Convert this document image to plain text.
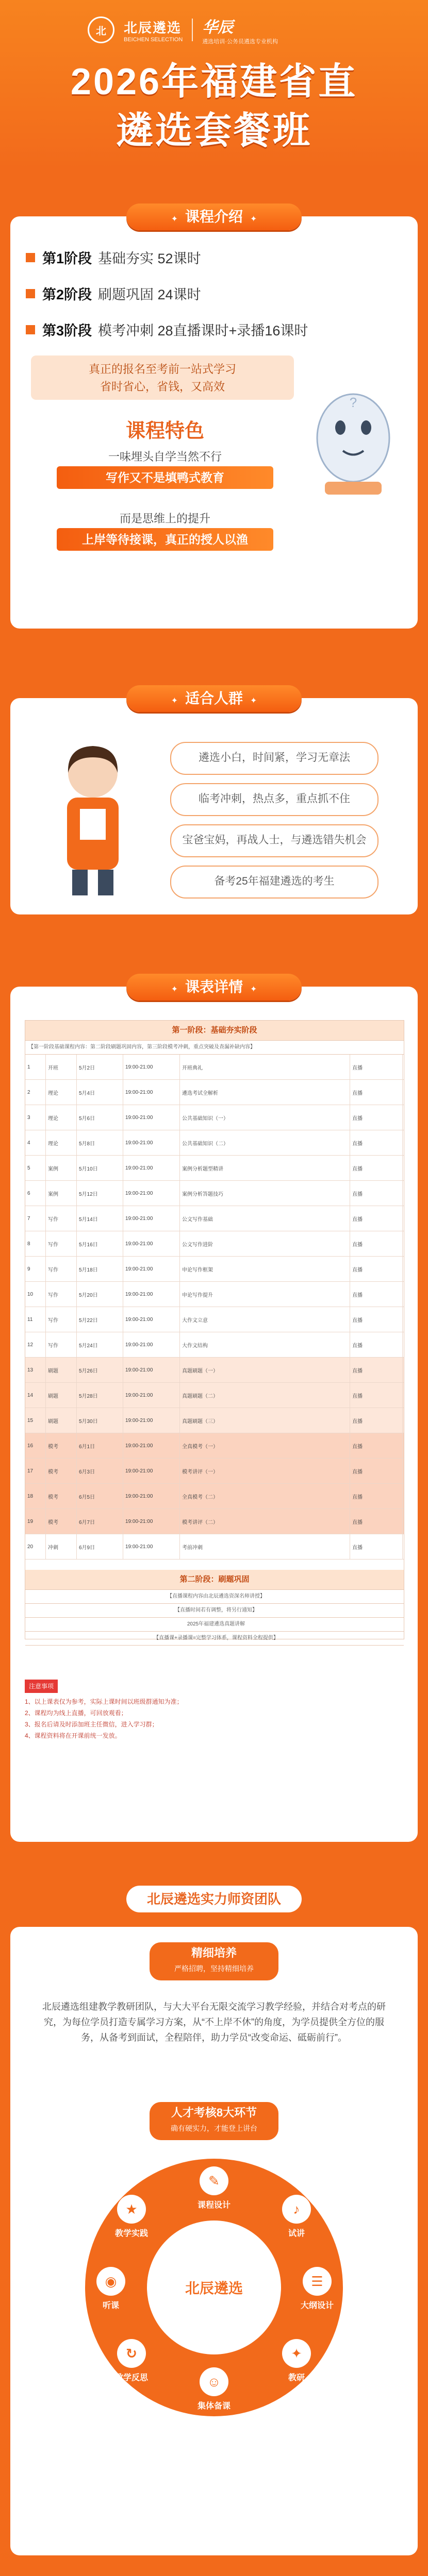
北	北辰遴选
BEICHEN SELECTION
华辰
遴选培训·公务员遴选专业机构
2026年福建省直
遴选套餐班
✦ 课程介绍 ✦
第1阶段 基础夯实 52课时
第2阶段 刷题巩固 24课时
第3阶段 模考冲刺 28直播课时+录播16课时
真正的报名至考前一站式学习
省时省心，省钱，又高效
课程特色
一味埋头自学当然不行
写作又不是填鸭式教育
而是思维上的提升
上岸等待接课，真正的授人以渔
?
✦ 适合人群 ✦
遴选小白，时间紧，学习无章法
临考冲刺，热点多，重点抓不住
宝爸宝妈，再战人士，与遴选错失机会
备考25年福建遴选的考生
✦ 课表详情 ✦
第一阶段：基础夯实阶段
【第一阶段基础课程内容：第二阶段刷题巩固内容，第三阶段模考冲刺，重点突破及查漏补缺内容】
1	开班	5月2日	19:00-21:00	开班典礼	直播
2	理论	5月4日	19:00-21:00	遴选考试全解析	直播
3	理论	5月6日	19:00-21:00	公共基础知识（一）	直播
4	理论	5月8日	19:00-21:00	公共基础知识（二）	直播
5	案例	5月10日	19:00-21:00	案例分析题型精讲	直播
6	案例	5月12日	19:00-21:00	案例分析答题技巧	直播
7	写作	5月14日	19:00-21:00	公文写作基础	直播
8	写作	5月16日	19:00-21:00	公文写作进阶	直播
9	写作	5月18日	19:00-21:00	申论写作框架	直播
10	写作	5月20日	19:00-21:00	申论写作提升	直播
11	写作	5月22日	19:00-21:00	大作文立意	直播
12	写作	5月24日	19:00-21:00	大作文结构	直播
13	刷题	5月26日	19:00-21:00	真题刷题（一）	直播
14	刷题	5月28日	19:00-21:00	真题刷题（二）	直播
15	刷题	5月30日	19:00-21:00	真题刷题（三）	直播
16	模考	6月1日	19:00-21:00	全真模考（一）	直播
17	模考	6月3日	19:00-21:00	模考讲评（一）	直播
18	模考	6月5日	19:00-21:00	全真模考（二）	直播
19	模考	6月7日	19:00-21:00	模考讲评（二）	直播
20	冲刺	6月9日	19:00-21:00	考前冲刺	直播
第二阶段：刷题巩固
【直播课程内容由北辰遴选资深名师讲授】
【直播时间若有调整，将另行通知】
2025年福建遴选真题讲解
【直播课+录播课=完整学习体系，课程资料全程提供】
注意事项
1、以上课表仅为参考，实际上课时间以班级群通知为准；
2、课程均为线上直播，可回放观看；
3、报名后请及时添加班主任微信，进入学习群；
4、课程资料将在开课前统一发放。
北辰遴选实力师资团队
精细培养
严格招聘，坚持精细培养
北辰遴选组建教学教研团队，与大大平台无限交流学习教学经验，并结合对考点的研究，为每位学员打造专属学习方案，从“不上岸不休”的角度，为学员提供全方位的服务，从备考到面试，全程陪伴，助力学员“改变命运、砥砺前行”。
人才考核8大环节
确有硬实力，才能登上讲台
北辰遴选
✎
课程设计	♪
试讲
☰
大纲设计
✦
教研
☺
集体备课
↻
教学反思
◉
听课
★
教学实践
